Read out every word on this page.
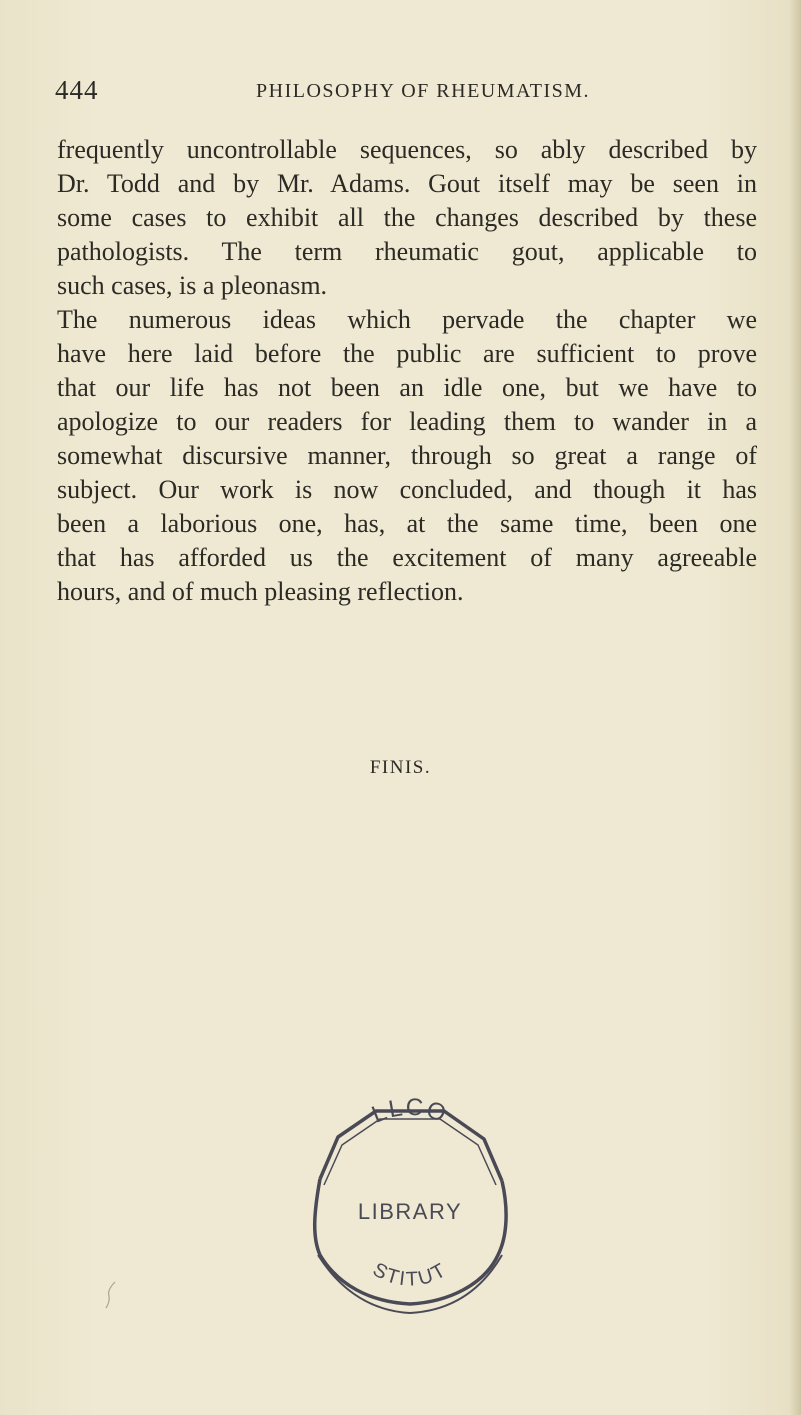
444	PHILOSOPHY OF RHEUMATISM.
frequently uncontrollable sequences, so ably described by
Dr. Todd and by Mr. Adams. Gout itself may be seen in
some cases to exhibit all the changes described by these
pathologists. The term rheumatic gout, applicable to
such cases, is a pleonasm.
The numerous ideas which pervade the chapter we
have here laid before the public are sufficient to prove
that our life has not been an idle one, but we have to
apologize to our readers for leading them to wander in a
somewhat discursive manner, through so great a range of
subject. Our work is now concluded, and though it has
been a laborious one, has, at the same time, been one
that has afforded us the excitement of many agreeable
hours, and of much pleasing reflection.
FINIS.
LLCO
LIBRARY
STITUT
